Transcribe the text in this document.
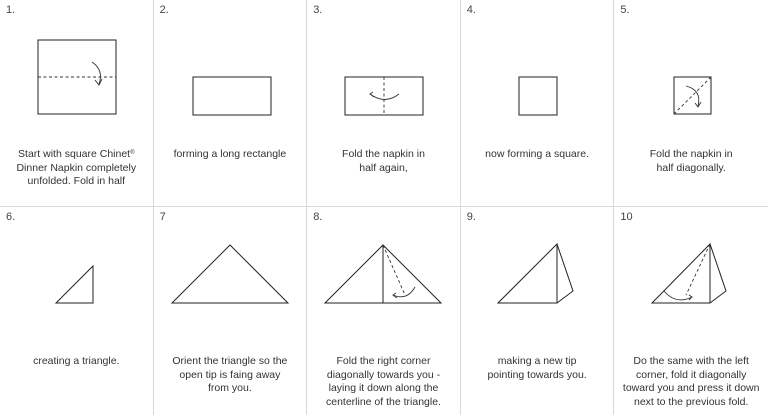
1.
Start with square Chinet®
Dinner Napkin completely
unfolded. Fold in half
2.
forming a long rectangle
3.
Fold the napkin in
half again,
4.
now forming a square.
5.
Fold the napkin in
half diagonally.
6.
creating a triangle.
7
Orient the triangle so the
open tip is faing away
from you.
8.
Fold the right corner
diagonally towards you -
laying it down along the
centerline of the triangle.
9.
making a new tip
pointing towards you.
10
Do the same with the left
corner, fold it diagonally
toward you and press it down
next to the previous fold.
